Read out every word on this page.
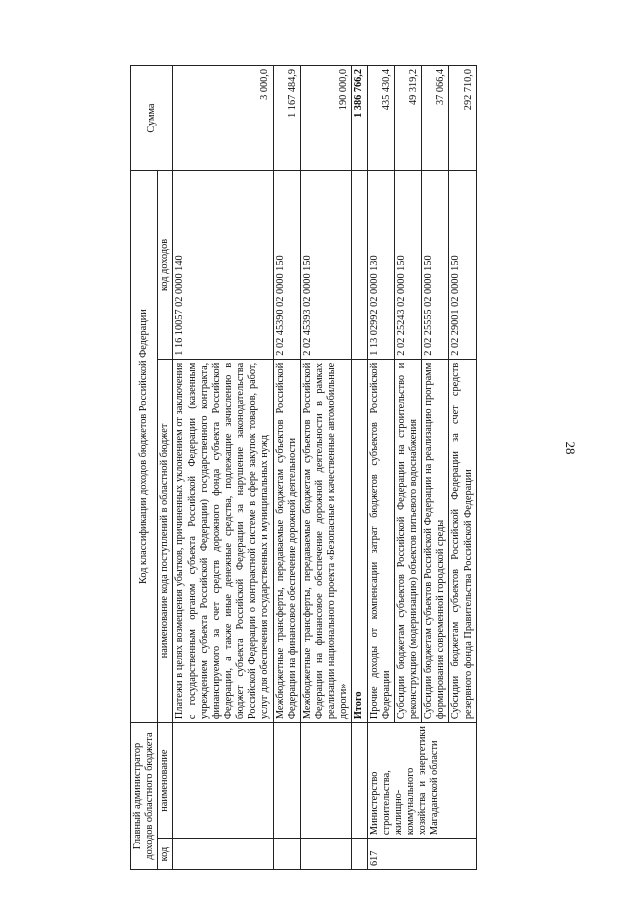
28
Главный администратор доходов областного бюджета		Код классификации доходов бюджетов Российской Федерации		Сумма
код	наименование	наименование кода поступлений в областной бюджет	код доходов	
		Платежи в целях возмещения убытков, причиненных уклонением от заключения с государственным органом субъекта Российской Федерации (казенным учреждением субъекта Российской Федерации) государственного контракта, финансируемого за счет средств дорожного фонда субъекта Российской Федерации, а также иные денежные средства, подлежащие зачислению в бюджет субъекта Российской Федерации за нарушение законодательства Российской Федерации о контрактной системе в сфере закупок товаров, работ, услуг для обеспечения государственных и муниципальных нужд	1 16 10057 02 0000 140	3 000,0
		Межбюджетные трансферты, передаваемые бюджетам субъектов Российской Федерации на финансовое обеспечение дорожной деятельности	2 02 45390 02 0000 150	1 167 484,9
		Межбюджетные трансферты, передаваемые бюджетам субъектов Российской Федерации на финансовое обеспечение дорожной деятельности в рамках реализации национального проекта «Безопасные и качественные автомобильные дороги»	2 02 45393 02 0000 150	190 000,0
		Итого		1 386 766,2
617	Министерство строительства, жилищно-коммунального хозяйства и энергетики Магаданской области	Прочие доходы от компенсации затрат бюджетов субъектов Российской Федерации	1 13 02992 02 0000 130	435 430,4
		Субсидии бюджетам субъектов Российской Федерации на строительство и реконструкцию (модернизацию) объектов питьевого водоснабжения	2 02 25243 02 0000 150	49 319,2
		Субсидии бюджетам субъектов Российской Федерации на реализацию программ формирования современной городской среды	2 02 25555 02 0000 150	37 066,4
		Субсидии бюджетам субъектов Российской Федерации за счет средств резервного фонда Правительства Российской Федерации	2 02 29001 02 0000 150	292 710,0
